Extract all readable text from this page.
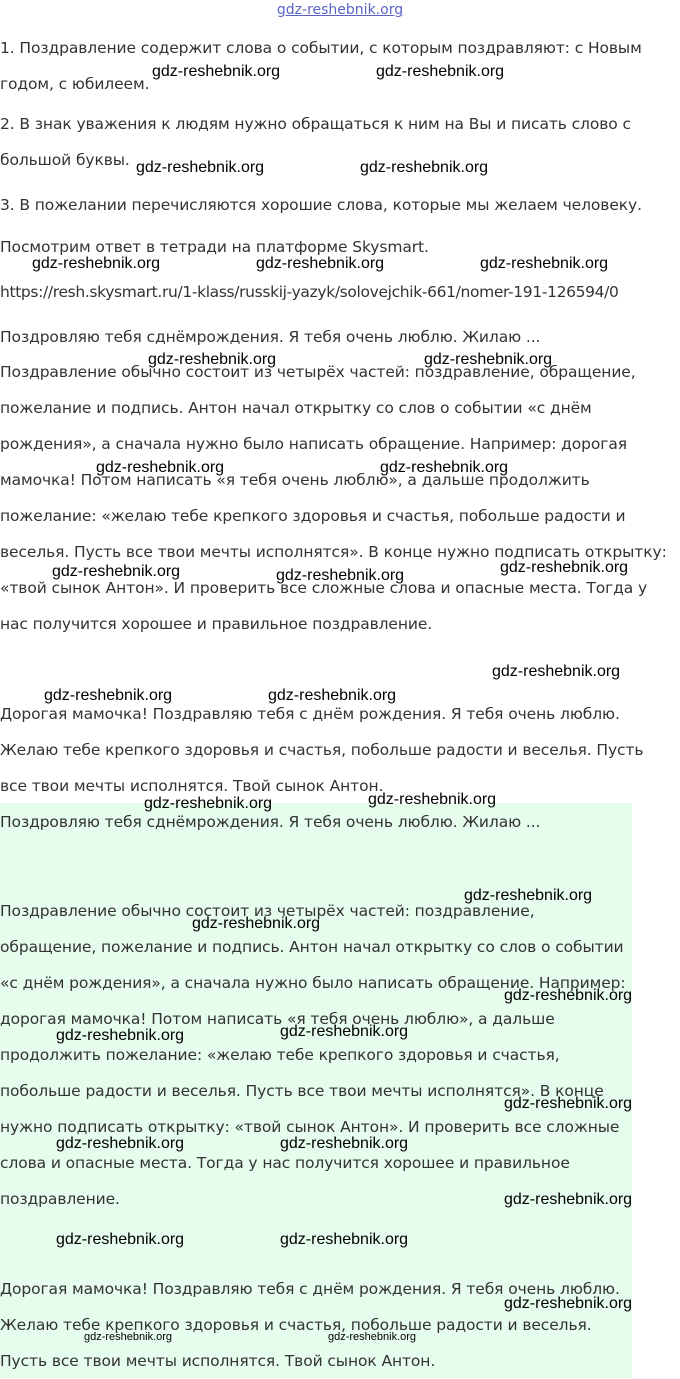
gdz-reshebnik.org

1. Поздравление содержит слова о событии, с которым поздравляют: с Новым годом, с юбилеем.

2. В знак уважения к людям нужно обращаться к ним на Вы и писать слово с большой буквы.

3. В пожелании перечисляются хорошие слова, которые мы желаем человеку.

Посмотрим ответ в тетради на платформе Skysmart.

https://resh.skysmart.ru/1-klass/russkij-yazyk/solovejchik-661/nomer-191-126594/0

Поздровляю тебя сднёмрождения. Я тебя очень люблю. Жилаю ...

Поздравление обычно состоит из четырёх частей: поздравление, обращение, пожелание и подпись. Антон начал открытку со слов о событии «с днём рождения», а сначала нужно было написать обращение. Например: дорогая мамочка! Потом написать «я тебя очень люблю», а дальше продолжить пожелание: «желаю тебе крепкого здоровья и счастья, побольше радости и веселья. Пусть все твои мечты исполнятся». В конце нужно подписать открытку: «твой сынок Антон». И проверить все сложные слова и опасные места. Тогда у нас получится хорошее и правильное поздравление.

Дорогая мамочка! Поздравляю тебя с днём рождения. Я тебя очень люблю. Желаю тебе крепкого здоровья и счастья, побольше радости и веселья. Пусть все твои мечты исполнятся. Твой сынок Антон.

Поздровляю тебя сднёмрождения. Я тебя очень люблю. Жилаю ...

Поздравление обычно состоит из четырёх частей: поздравление, обращение, пожелание и подпись. Антон начал открытку со слов о событии «с днём рождения», а сначала нужно было написать обращение. Например: дорогая мамочка! Потом написать «я тебя очень люблю», а дальше продолжить пожелание: «желаю тебе крепкого здоровья и счастья, побольше радости и веселья. Пусть все твои мечты исполнятся». В конце нужно подписать открытку: «твой сынок Антон». И проверить все сложные слова и опасные места. Тогда у нас получится хорошее и правильное поздравление.

Дорогая мамочка! Поздравляю тебя с днём рождения. Я тебя очень люблю. Желаю тебе крепкого здоровья и счастья, побольше радости и веселья. Пусть все твои мечты исполнятся. Твой сынок Антон.

gdz-reshebnik.org	gdz-reshebnik.org
gdz-reshebnik.org	gdz-reshebnik.org
gdz-reshebnik.org	gdz-reshebnik.org	gdz-reshebnik.org
gdz-reshebnik.org	gdz-reshebnik.org
gdz-reshebnik.org	gdz-reshebnik.org
gdz-reshebnik.org	gdz-reshebnik.org	gdz-reshebnik.org
gdz-reshebnik.org
gdz-reshebnik.org	gdz-reshebnik.org
gdz-reshebnik.org	gdz-reshebnik.org
gdz-reshebnik.org
gdz-reshebnik.org
gdz-reshebnik.org
gdz-reshebnik.org	gdz-reshebnik.org
gdz-reshebnik.org
gdz-reshebnik.org	gdz-reshebnik.org
gdz-reshebnik.org
gdz-reshebnik.org	gdz-reshebnik.org
gdz-reshebnik.org
gdz-reshebnik.org	gdz-reshebnik.org
